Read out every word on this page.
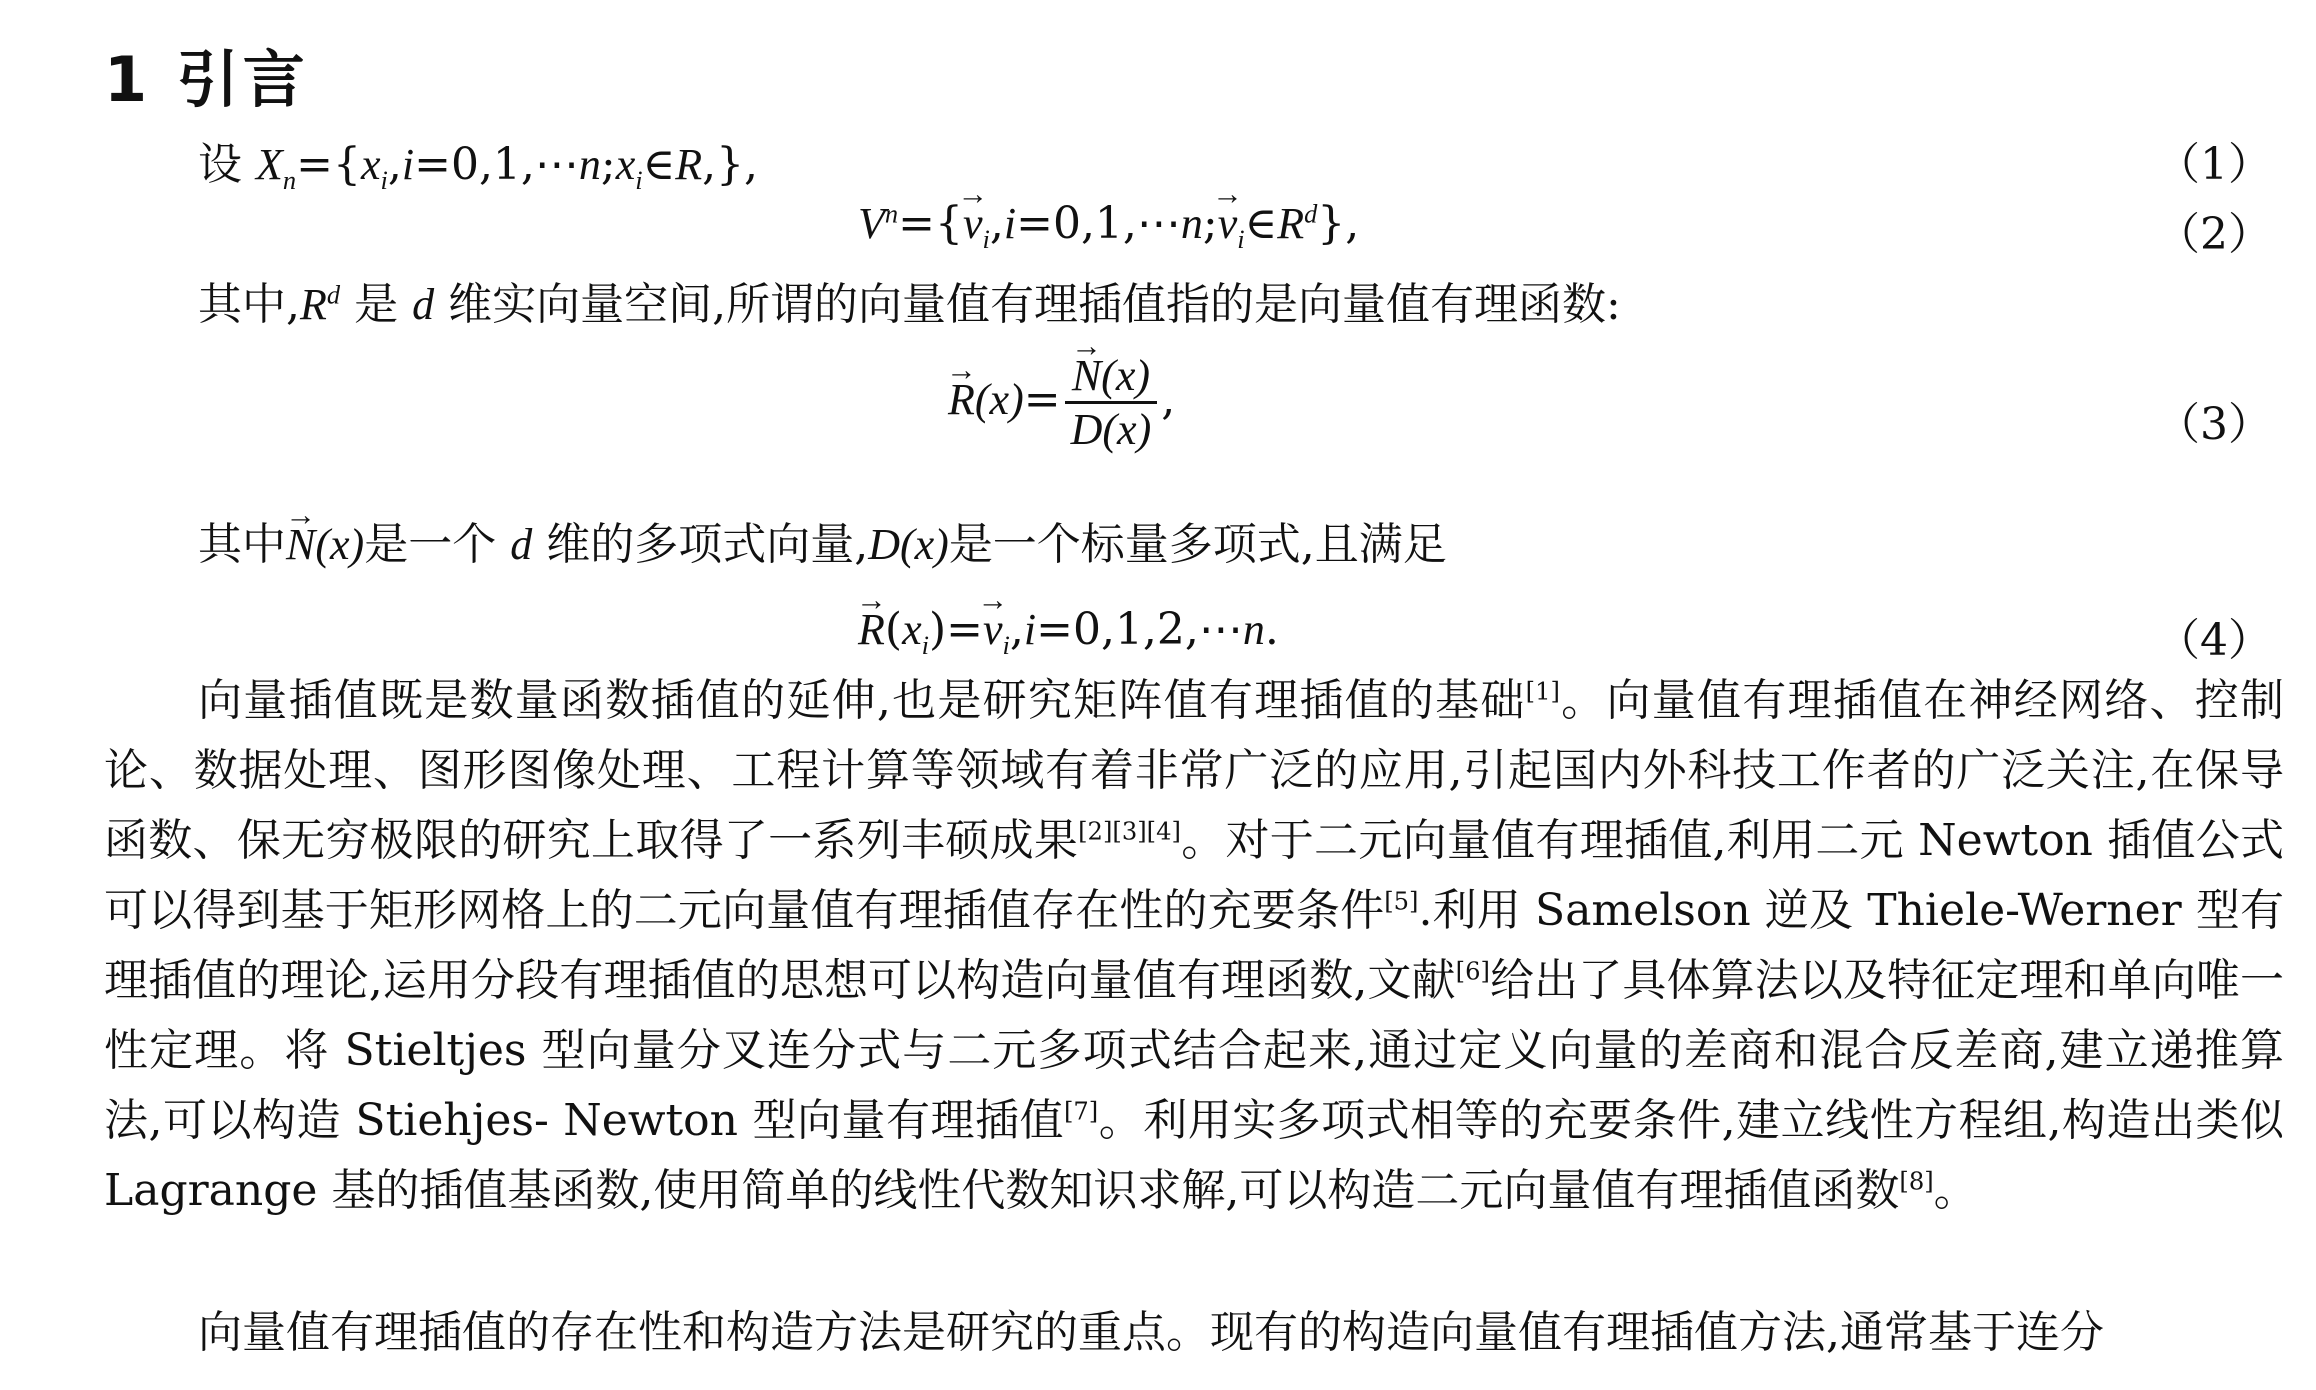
1 引言
设 $X_n=\{x_i,i=0,1,\cdots n;x_i\in R,\}$,	（1）
$V^n=\{\to$ $v_i,i=0,1,\cdots n;\to$ $v_i\in R^d$},	（2）
其中$,R^d$ 是 d 维实向量空间,所谓的向量值有理插值指的是向量值有理函数:
→ R(x)=
→ $\frac{N(x)}{D(x)}$ ,	（3）
其中→ N(x)是一个 d 维的多项式向量,D(x)是一个标量多项式,且满足
→ $R(x_i)=\to$ $v_i,i=0,1,2,\cdots n$.	（4）

向量插值既是数量函数插值的延伸,也是研究矩阵值有理插值的基础[1]。向量值有理插值在神经网络、控制论、数据处理、图形图像处理、工程计算等领域有着非常广泛的应用,引起国内外科技工作者的广泛关注,在保导函数、保无穷极限的研究上取得了一系列丰硕成果[2][3][4]。对于二元向量值有理插值,利用二元 Newton 插值公式可以得到基于矩形网格上的二元向量值有理插值存在性的充要条件[5].利用 Samelson 逆及 Thiele-Werner 型有理插值的理论,运用分段有理插值的思想可以构造向量值有理函数,文献[6]给出了具体算法以及特征定理和单向唯一性定理。将 Stieltjes 型向量分叉连分式与二元多项式结合起来,通过定义向量的差商和混合反差商,建立递推算法,可以构造 Stiehjes- Newton 型向量有理插值[7]。利用实多项式相等的充要条件,建立线性方程组,构造出类似 Lagrange 基的插值基函数,使用简单的线性代数知识求解,可以构造二元向量值有理插值函数[8]。

向量值有理插值的存在性和构造方法是研究的重点。现有的构造向量值有理插值方法,通常基于连分
